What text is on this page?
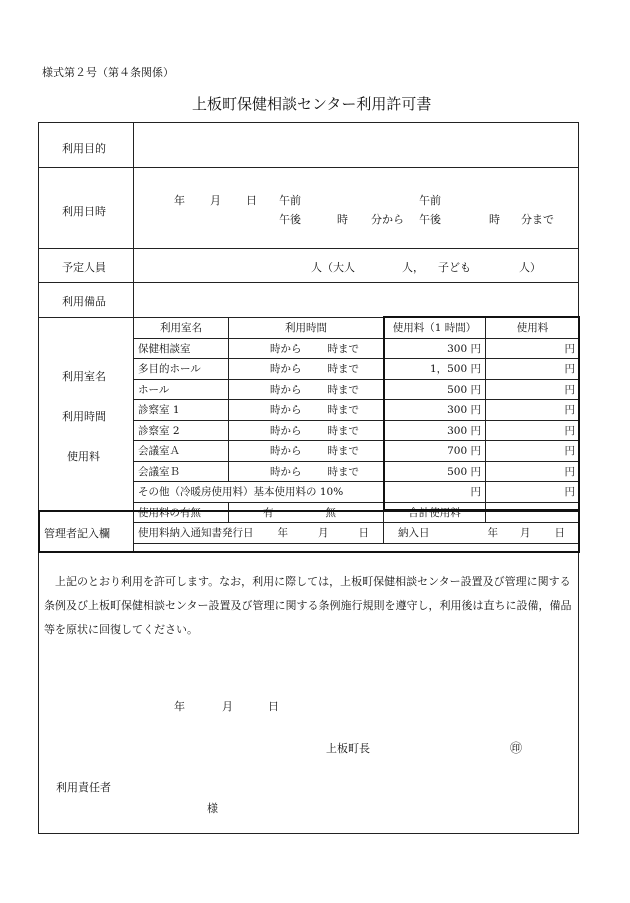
様式第２号（第４条関係）
上板町保健相談センター利用許可書
利用目的
利用日時
年 月 日 午前
午後	時 分から
午前
午後	時 分まで
予定人員	人（大人	人， 子ども	人）
利用備品
利用室名
利用時間
使用料
管理者記入欄
利用室名	利用時間	使用料（1 時間）	使用料
保健相談室	時から 時まで	300 円	円
多目的ホール	時から 時まで	1，500 円	円
ホール	時から 時まで	500 円	円
診察室 1	時から 時まで	300 円	円
診察室 2	時から 時まで	300 円	円
会議室Ａ	時から 時まで	700 円	円
会議室Ｂ	時から 時まで	500 円	円
その他（冷暖房使用料）基本使用料の 10%		円	円
使用料の有無	有 無	合計使用料	
使用料納入通知書発行日 年 月 日		納入日 年 月 日	
上記のとおり利用を許可します。なお，利用に際しては，上板町保健相談センター設置及び管理に関する条例及び上板町保健相談センター設置及び管理に関する条例施行規則を遵守し，利用後は直ちに設備，備品等を原状に回復してください。
年	月	日
上板町長	㊞
利用責任者
様
